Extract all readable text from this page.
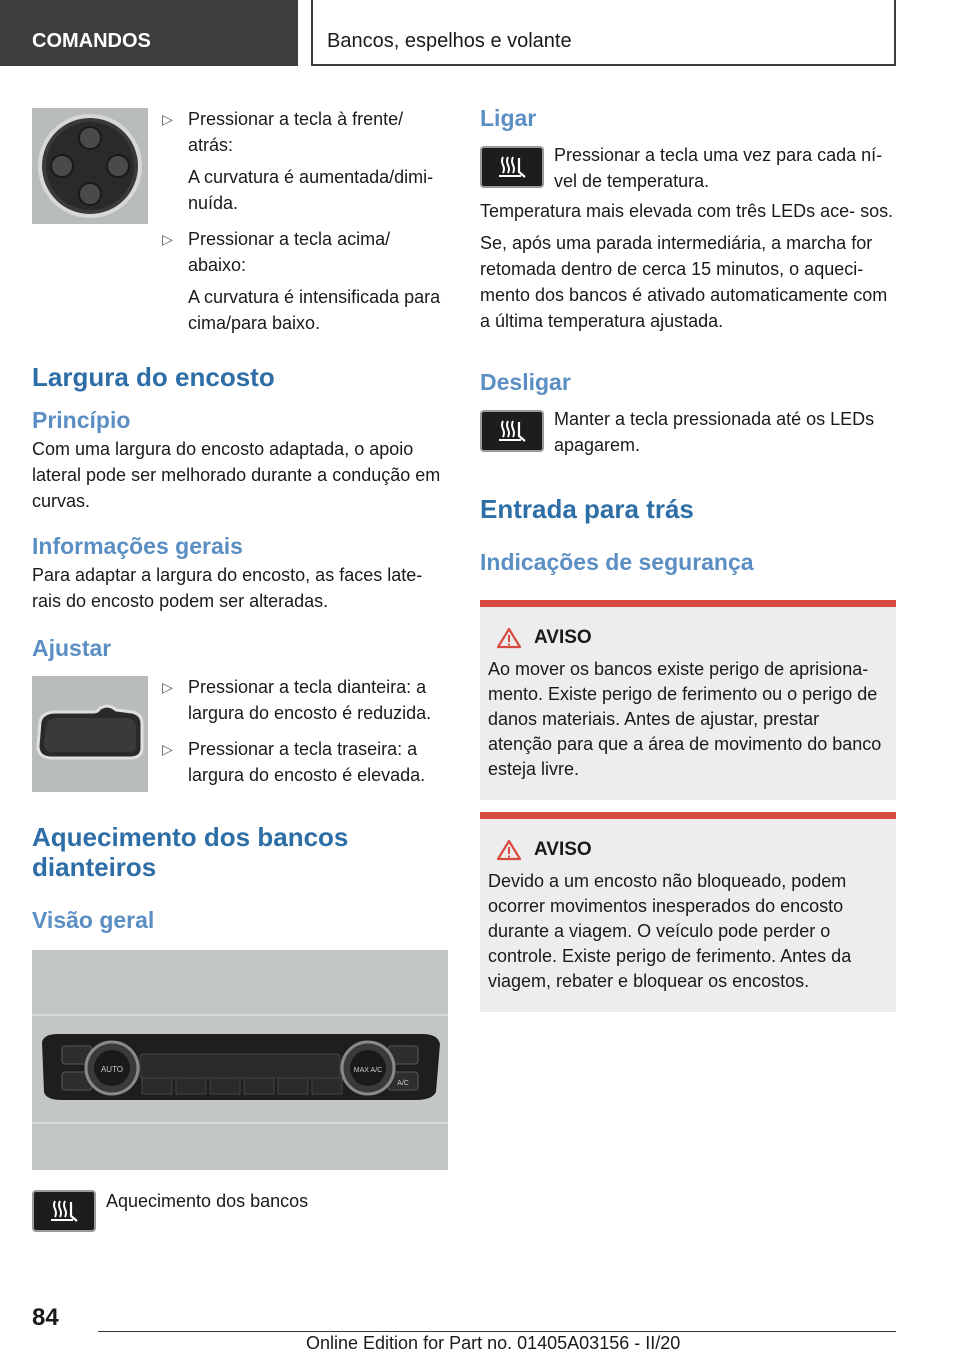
COMANDOS	Bancos, espelhos e volante
▷ Pressionar a tecla à frente/ atrás:
A curvatura é aumentada/dimi‐ nuída.
▷ Pressionar a tecla acima/ abaixo:
A curvatura é intensificada para cima/para baixo.
Largura do encosto
Princípio
Com uma largura do encosto adaptada, o apoio lateral pode ser melhorado durante a condução em curvas.
Informações gerais
Para adaptar a largura do encosto, as faces late‐ rais do encosto podem ser alteradas.
Ajustar
▷ Pressionar a tecla dianteira: a largura do encosto é reduzida.
▷ Pressionar a tecla traseira: a largura do encosto é elevada.
Aquecimento dos bancos dianteiros
Visão geral
AUTO	MAX A/C
A/C
Aquecimento dos bancos
Ligar
Pressionar a tecla uma vez para cada ní‐ vel de temperatura.
Temperatura mais elevada com três LEDs ace‐ sos.
Se, após uma parada intermediária, a marcha for retomada dentro de cerca 15 minutos, o aqueci‐ mento dos bancos é ativado automaticamente com a última temperatura ajustada.
Desligar
Manter a tecla pressionada até os LEDs apagarem.
Entrada para trás
Indicações de segurança
AVISO
Ao mover os bancos existe perigo de aprisiona‐ mento. Existe perigo de ferimento ou o perigo de danos materiais. Antes de ajustar, prestar atenção para que a área de movimento do banco esteja livre.
AVISO
Devido a um encosto não bloqueado, podem ocorrer movimentos inesperados do encosto durante a viagem. O veículo pode perder o controle. Existe perigo de ferimento. Antes da viagem, rebater e bloquear os encostos.
84
Online Edition for Part no. 01405A03156 - II/20
